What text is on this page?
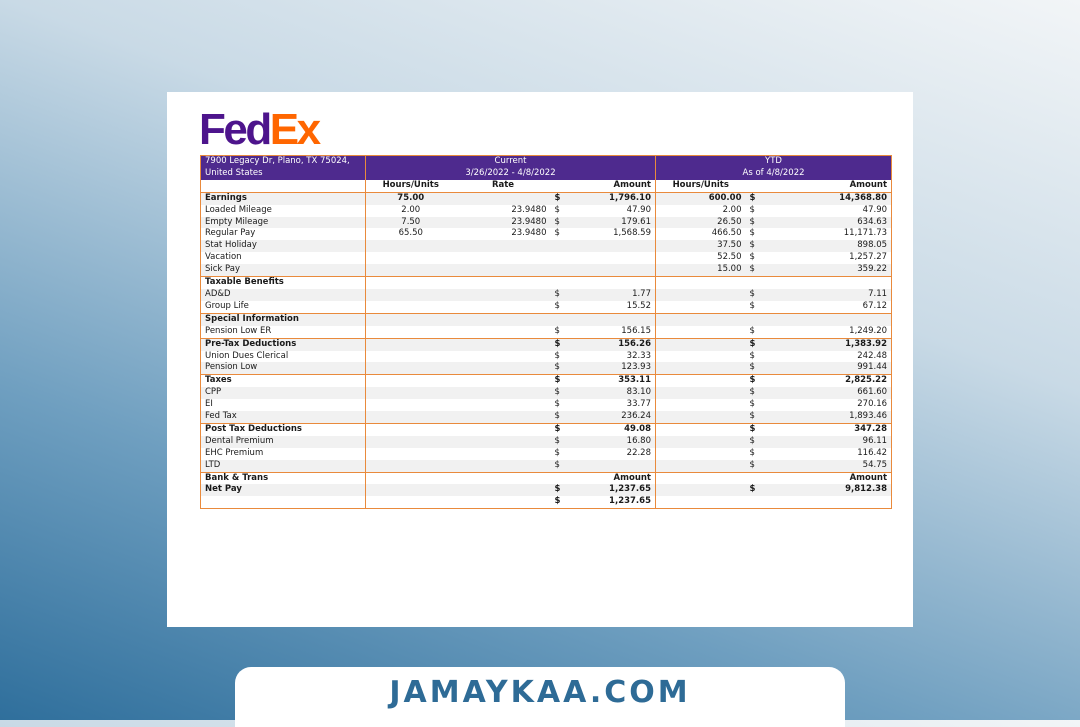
FedEx
7900 Legacy Dr, Plano, TX 75024,	Current				YTD		
United States	3/26/2022 - 4/8/2022				As of 4/8/2022		
	Hours/Units	Rate		Amount	Hours/Units		Amount
Earnings	75.00		$	1,796.10	600.00	$	14,368.80
Loaded Mileage	2.00	23.9480	$	47.90	2.00	$	47.90
Empty Mileage	7.50	23.9480	$	179.61	26.50	$	634.63
Regular Pay	65.50	23.9480	$	1,568.59	466.50	$	11,171.73
Stat Holiday					37.50	$	898.05
Vacation					52.50	$	1,257.27
Sick Pay					15.00	$	359.22
Taxable Benefits							
AD&D			$	1.77		$	7.11
Group Life			$	15.52		$	67.12
Special Information							
Pension Low ER			$	156.15		$	1,249.20
Pre-Tax Deductions			$	156.26		$	1,383.92
Union Dues Clerical			$	32.33		$	242.48
Pension Low			$	123.93		$	991.44
Taxes			$	353.11		$	2,825.22
CPP			$	83.10		$	661.60
EI			$	33.77		$	270.16
Fed Tax			$	236.24		$	1,893.46
Post Tax Deductions			$	49.08		$	347.28
Dental Premium			$	16.80		$	96.11
EHC Premium			$	22.28		$	116.42
LTD			$			$	54.75
Bank & Trans				Amount			Amount
Net Pay			$	1,237.65		$	9,812.38
			$	1,237.65			
JAMAYKAA.COM
